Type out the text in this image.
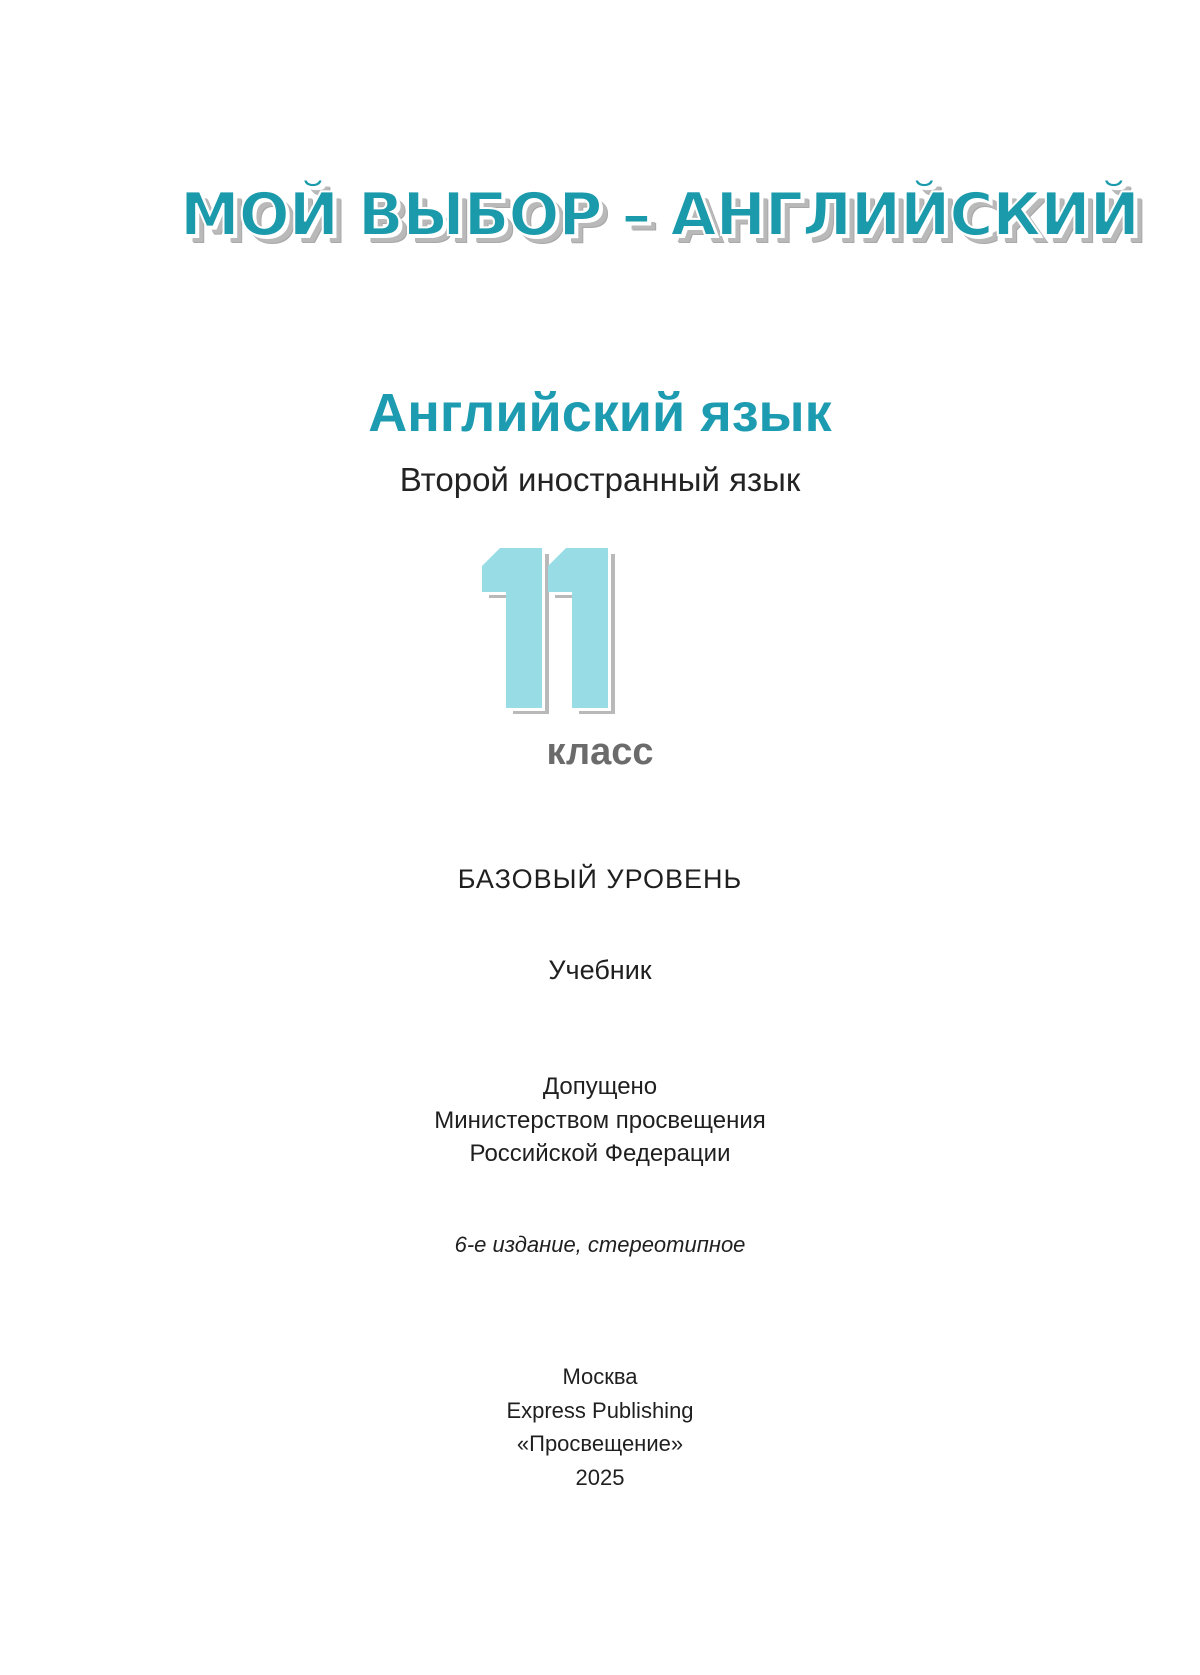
МОЙ ВЫБОР – АНГЛИЙСКИЙ
Английский язык
Второй иностранный язык
11
класс
БАЗОВЫЙ УРОВЕНЬ
Учебник
Допущено
Министерством просвещения
Российской Федерации
6-е издание, стереотипное
Москва
Express Publishing
«Просвещение»
2025
